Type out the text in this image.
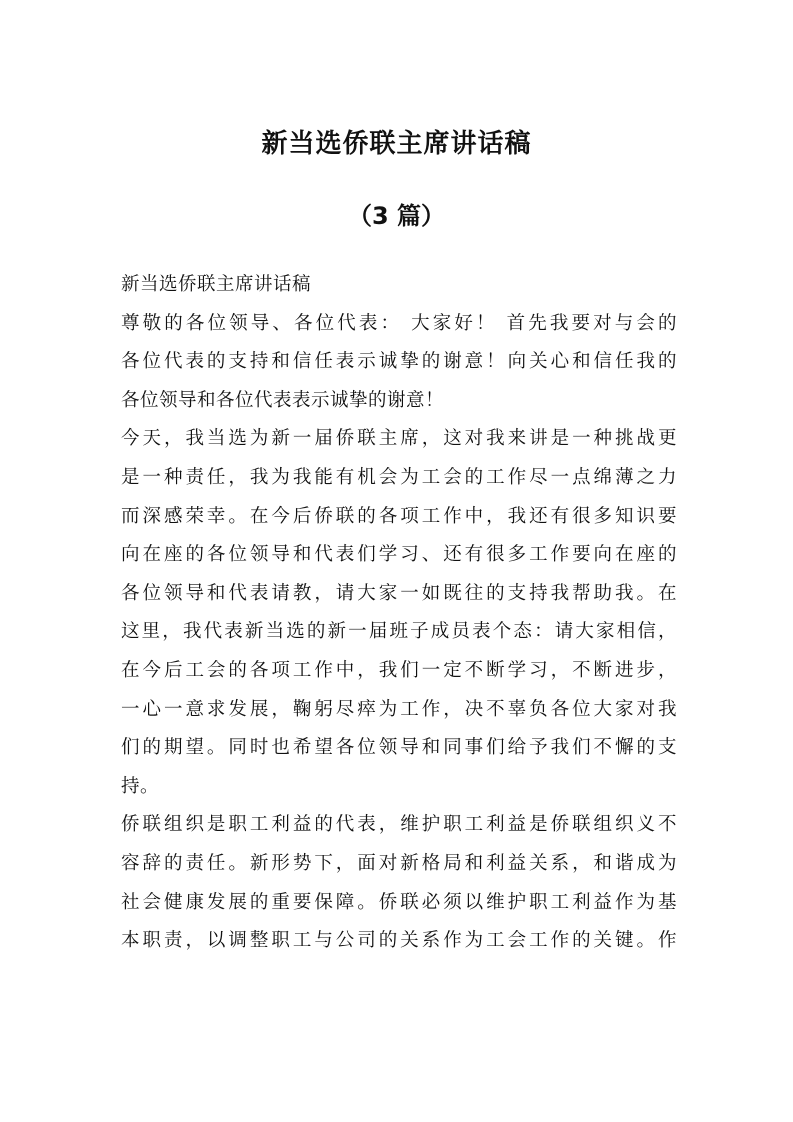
新当选侨联主席讲话稿
（3 篇）
新当选侨联主席讲话稿
尊敬的各位领导、各位代表： 大家好！ 首先我要对与会的
各位代表的支持和信任表示诚挚的谢意！向关心和信任我的
各位领导和各位代表表示诚挚的谢意！
今天，我当选为新一届侨联主席，这对我来讲是一种挑战更
是一种责任，我为我能有机会为工会的工作尽一点绵薄之力
而深感荣幸。在今后侨联的各项工作中，我还有很多知识要
向在座的各位领导和代表们学习、还有很多工作要向在座的
各位领导和代表请教，请大家一如既往的支持我帮助我。在
这里，我代表新当选的新一届班子成员表个态：请大家相信，
在今后工会的各项工作中，我们一定不断学习，不断进步，
一心一意求发展，鞠躬尽瘁为工作，决不辜负各位大家对我
们的期望。同时也希望各位领导和同事们给予我们不懈的支
持。
侨联组织是职工利益的代表，维护职工利益是侨联组织义不
容辞的责任。新形势下，面对新格局和利益关系，和谐成为
社会健康发展的重要保障。侨联必须以维护职工利益作为基
本职责，以调整职工与公司的关系作为工会工作的关键。作
